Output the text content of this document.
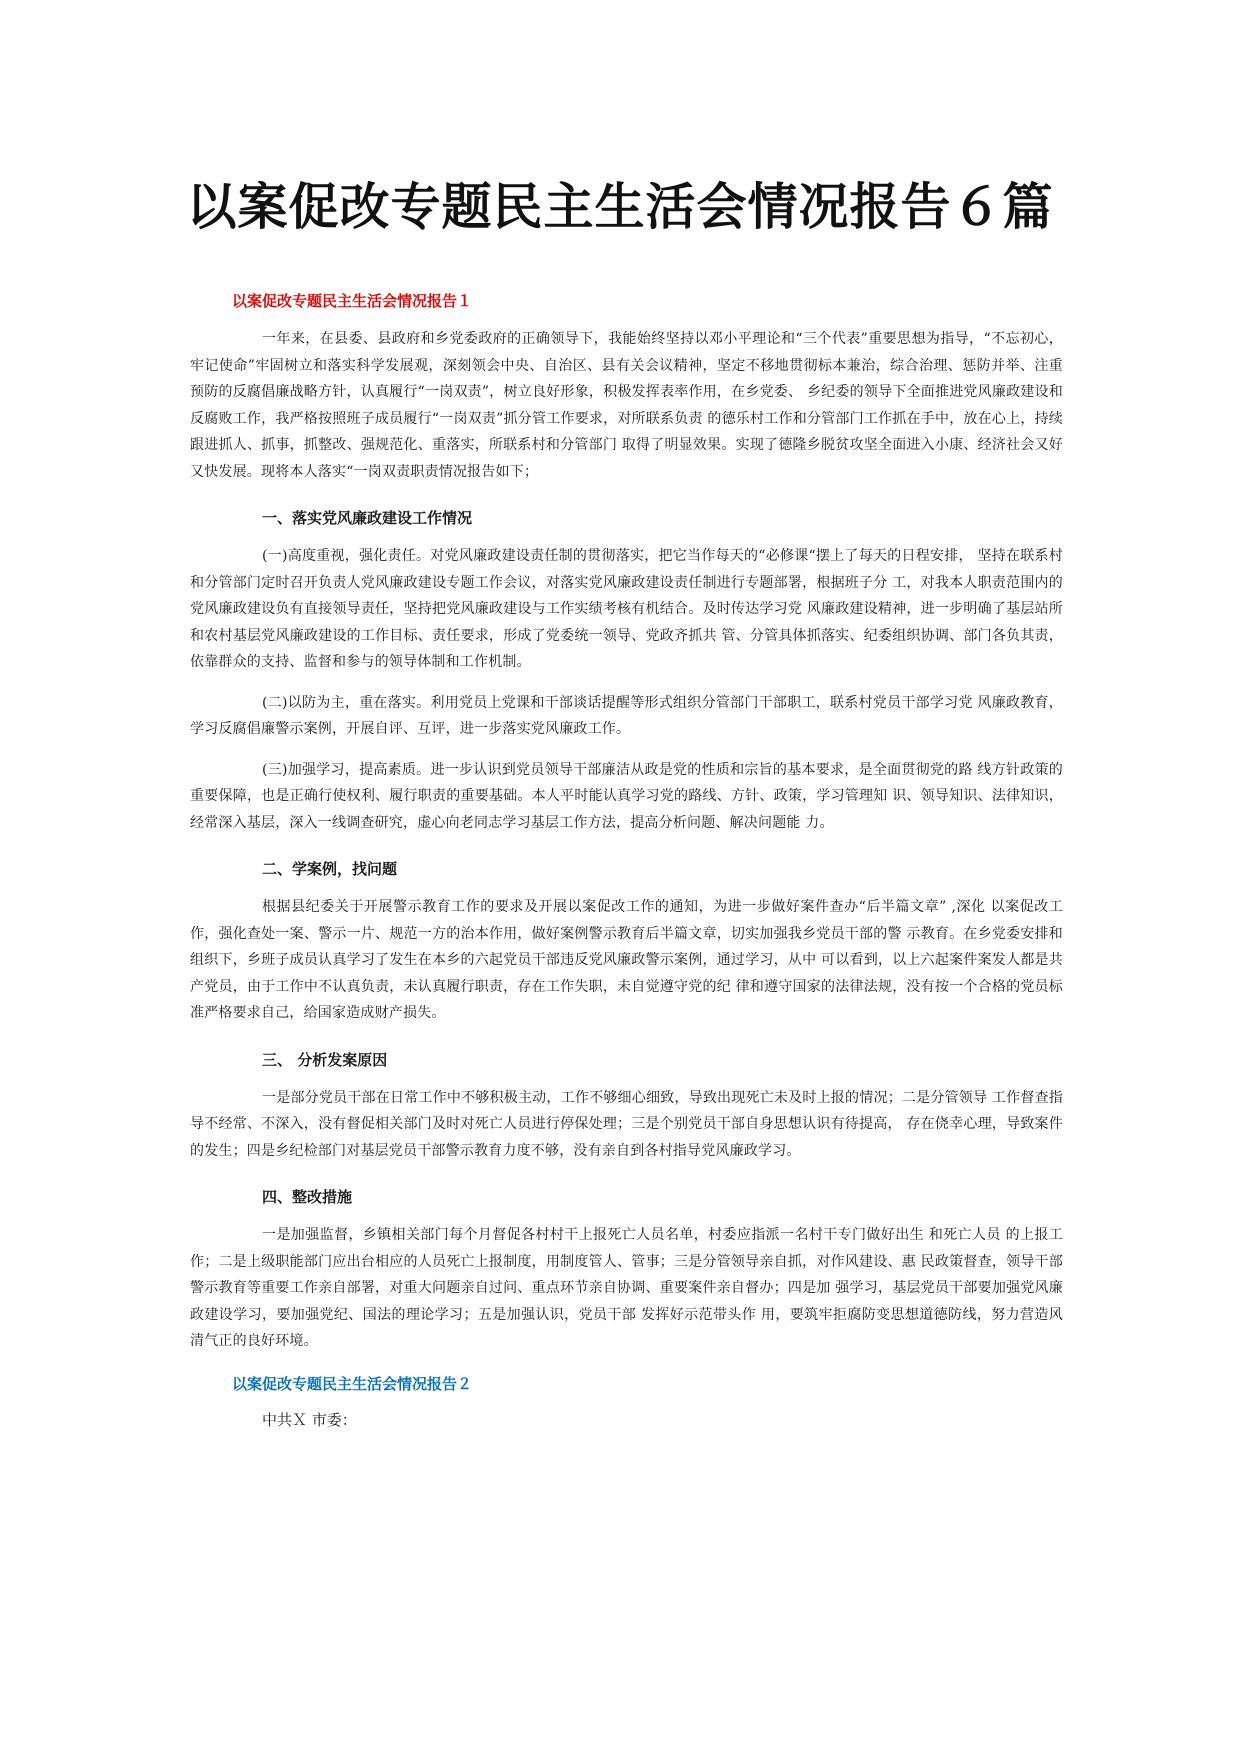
以案促改专题民主生活会情况报告６篇
以案促改专题民主生活会情况报告１

一年来，在县委、县政府和乡党委政府的正确领导下，我能始终坚持以邓小平理论和“三个代表”重要思想为指导，“不忘初心，牢记使命”牢固树立和落实科学发展观，深刻领会中央、自治区、县有关会议精神，坚定不移地贯彻标本兼治，综合治理、惩防并举、注重预防的反腐倡廉战略方针，认真履行“一岗双责”，树立良好形象，积极发挥表率作用，在乡党委、 乡纪委的领导下全面推进党风廉政建设和反腐败工作，我严格按照班子成员履行“一岗双责”抓分管工作要求，对所联系负责 的德乐村工作和分管部门工作抓在手中，放在心上，持续跟进抓人、抓事，抓整改、强规范化、重落实，所联系村和分管部门 取得了明显效果。实现了德隆乡脱贫攻坚全面进入小康、经济社会又好又快发展。现将本人落实“一岗双责职责情况报告如下；

一、落实党风廉政建设工作情况

(一)高度重视，强化责任。对党风廉政建设责任制的贯彻落实，把它当作每天的“必修课“摆上了每天的日程安排， 坚持在联系村和分管部门定时召开负责人党风廉政建设专题工作会议，对落实党风廉政建设责任制进行专题部署，根据班子分 工，对我本人职责范围内的党风廉政建设负有直接领导责任，坚持把党风廉政建设与工作实绩考核有机结合。及时传达学习党 风廉政建设精神，进一步明确了基层站所和农村基层党风廉政建设的工作目标、责任要求，形成了党委统一领导、党政齐抓共 管、分管具体抓落实、纪委组织协调、部门各负其责，依靠群众的支持、监督和参与的领导体制和工作机制。

(二)以防为主，重在落实。利用党员上党课和干部谈话提醒等形式组织分管部门干部职工，联系村党员干部学习党 风廉政教育，学习反腐倡廉警示案例，开展自评、互评，进一步落实党风廉政工作。

(三)加强学习，提高素质。进一步认识到党员领导干部廉洁从政是党的性质和宗旨的基本要求，是全面贯彻党的路 线方针政策的重要保障，也是正确行使权利、履行职责的重要基础。本人平时能认真学习党的路线、方针、政策，学习管理知 识、领导知识、法律知识，经常深入基层，深入一线调查研究，虚心向老同志学习基层工作方法，提高分析问题、解决问题能 力。

二、学案例，找问题

根据县纪委关于开展警示教育工作的要求及开展以案促改工作的通知，为进一步做好案件查办“后半篇文章” ,深化 以案促改工作，强化查处一案、警示一片、规范一方的治本作用，做好案例警示教育后半篇文章，切实加强我乡党员干部的警 示教育。在乡党委安排和组织下，乡班子成员认真学习了发生在本乡的六起党员干部违反党风廉政警示案例，通过学习，从中 可以看到，以上六起案件案发人都是共产党员，由于工作中不认真负责，未认真履行职责，存在工作失职，未自觉遵守党的纪 律和遵守国家的法律法规，没有按一个合格的党员标准严格要求自己，给国家造成财产损失。

三、 分析发案原因

一是部分党员干部在日常工作中不够积极主动，工作不够细心细致，导致出现死亡未及时上报的情况；二是分管领导 工作督查指导不经常、不深入，没有督促相关部门及时对死亡人员进行停保处理；三是个别党员干部自身思想认识有待提高， 存在侥幸心理，导致案件的发生；四是乡纪检部门对基层党员干部警示教育力度不够，没有亲自到各村指导党风廉政学习。

四、整改措施

一是加强监督，乡镇相关部门每个月督促各村村干上报死亡人员名单，村委应指派一名村干专门做好出生 和死亡人员 的上报工作；二是上级职能部门应出台相应的人员死亡上报制度，用制度管人、管事；三是分管领导亲自抓，对作风建设、惠 民政策督查，领导干部警示教育等重要工作亲自部署，对重大问题亲自过问、重点环节亲自协调、重要案件亲自督办；四是加 强学习，基层党员干部要加强党风廉政建设学习，要加强党纪、国法的理论学习；五是加强认识，党员干部 发挥好示范带头作 用，要筑牢拒腐防变思想道德防线，努力营造风清气正的良好环境。

以案促改专题民主生活会情况报告２
中共Ｘ 市委：
